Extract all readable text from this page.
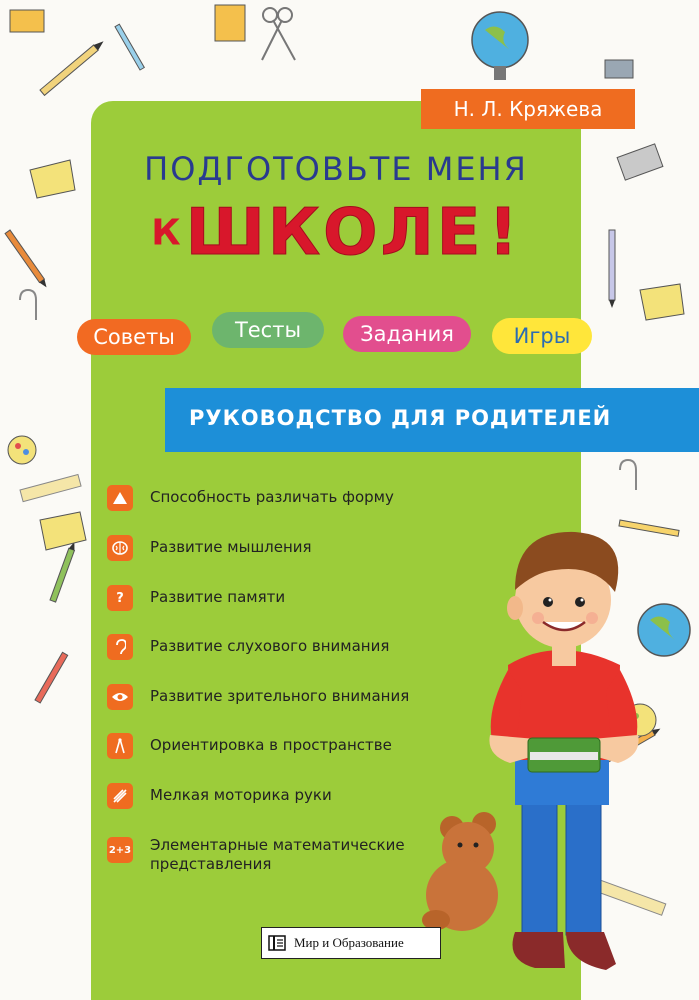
Н. Л. Кряжева
ПОДГОТОВЬТЕ МЕНЯ
К ШКОЛЕ !
Советы	Тесты	Задания	Игры
РУКОВОДСТВО ДЛЯ РОДИТЕЛЕЙ
Способность различать форму
Развитие мышления
?	Развитие памяти
Развитие слухового внимания
Развитие зрительного внимания
Ориентировка в пространстве
Мелкая моторика руки
2+3 Элементарные математические
представления
Мир и Образование
